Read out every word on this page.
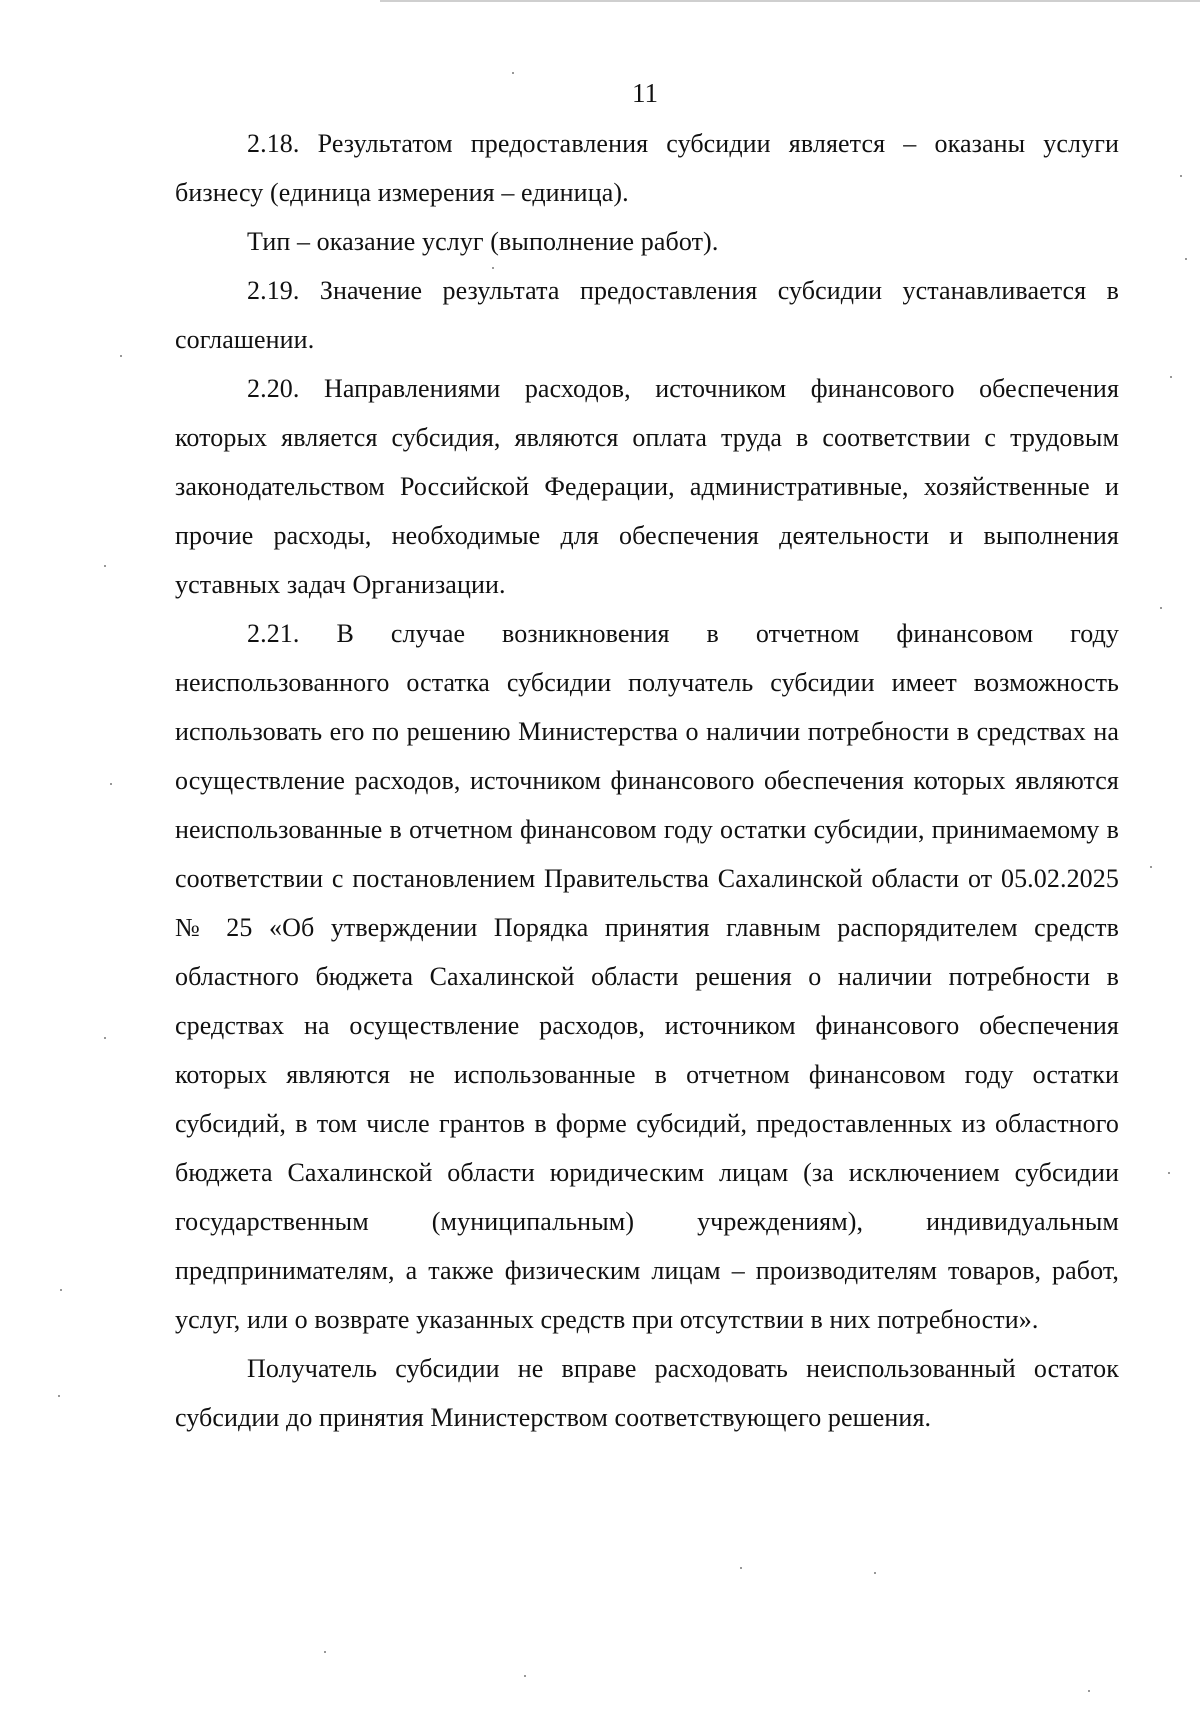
11

2.18. Результатом предоставления субсидии является – оказаны услуги бизнесу (единица измерения – единица).

Тип – оказание услуг (выполнение работ).

2.19. Значение результата предоставления субсидии устанавливается в соглашении.

2.20. Направлениями расходов, источником финансового обеспечения которых является субсидия, являются оплата труда в соответствии с трудовым законодательством Российской Федерации, административные, хозяйственные и прочие расходы, необходимые для обеспечения деятельности и выполнения уставных задач Организации.

2.21. В случае возникновения в отчетном финансовом году неиспользованного остатка субсидии получатель субсидии имеет возможность использовать его по решению Министерства о наличии потребности в средствах на осуществление расходов, источником финансового обеспечения которых являются неиспользованные в отчетном финансовом году остатки субсидии, принимаемому в соответствии с постановлением Правительства Сахалинской области от 05.02.2025 № 25 «Об утверждении Порядка принятия главным распорядителем средств областного бюджета Сахалинской области решения о наличии потребности в средствах на осуществление расходов, источником финансового обеспечения которых являются не использованные в отчетном финансовом году остатки субсидий, в том числе грантов в форме субсидий, предоставленных из областного бюджета Сахалинской области юридическим лицам (за исключением субсидии государственным (муниципальным) учреждениям), индивидуальным предпринимателям, а также физическим лицам – производителям товаров, работ, услуг, или о возврате указанных средств при отсутствии в них потребности».

Получатель субсидии не вправе расходовать неиспользованный остаток субсидии до принятия Министерством соответствующего решения.
